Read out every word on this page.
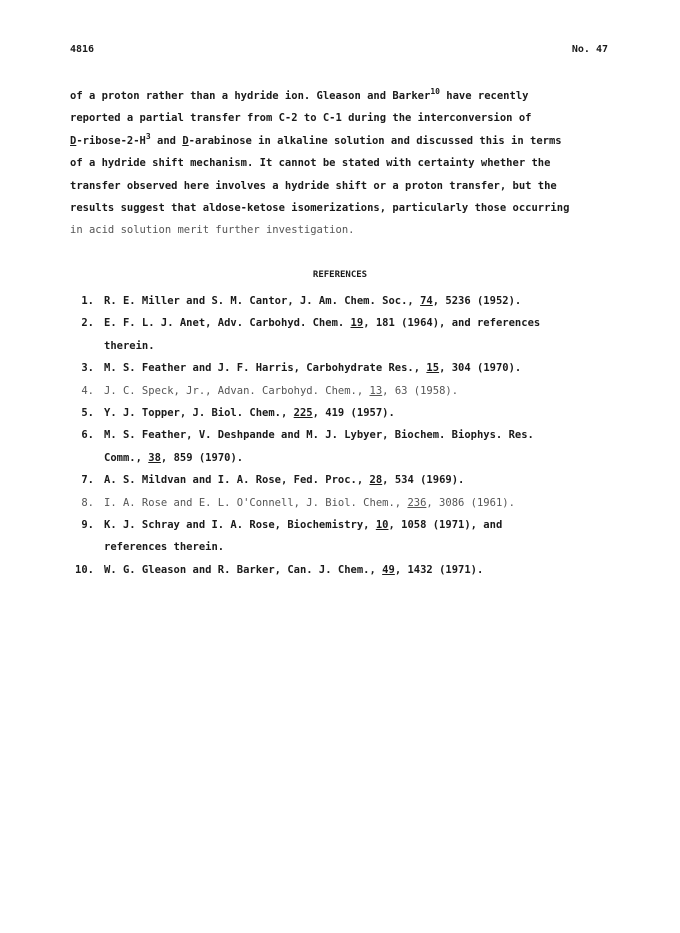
4816	No. 47
of a proton rather than a hydride ion. Gleason and Barker$^{10}$ have recently
reported a partial transfer from C-2 to C-1 during the interconversion of
$D-ribose-2-H^3$ and D-arabinose in alkaline solution and discussed this in terms
of a hydride shift mechanism. It cannot be stated with certainty whether the
transfer observed here involves a hydride shift or a proton transfer, but the
results suggest that aldose-ketose isomerizations, particularly those occurring
in acid solution merit further investigation.
REFERENCES
1. R. E. Miller and S. M. Cantor, J. Am. Chem. Soc., 74, 5236 (1952).
2. E. F. L. J. Anet, Adv. Carbohyd. Chem. 19, 181 (1964), and references
therein.
3. M. S. Feather and J. F. Harris, Carbohydrate Res., 15, 304 (1970).
4. J. C. Speck, Jr., Advan. Carbohyd. Chem., 13, 63 (1958).
5. Y. J. Topper, J. Biol. Chem., 225, 419 (1957).
6. M. S. Feather, V. Deshpande and M. J. Lybyer, Biochem. Biophys. Res.
Comm., 38, 859 (1970).
7. A. S. Mildvan and I. A. Rose, Fed. Proc., 28, 534 (1969).
8. I. A. Rose and E. L. O'Connell, J. Biol. Chem., 236, 3086 (1961).
9. K. J. Schray and I. A. Rose, Biochemistry, 10, 1058 (1971), and
references therein.
10. W. G. Gleason and R. Barker, Can. J. Chem., 49, 1432 (1971).
